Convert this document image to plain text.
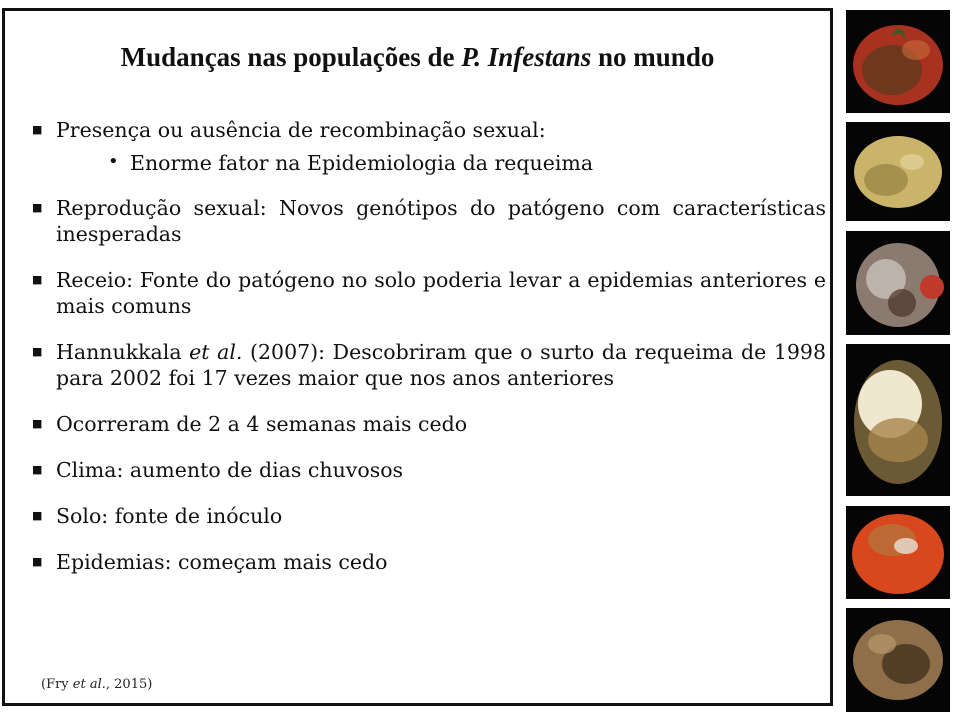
Mudanças nas populações de P. Infestans no mundo
■ Presença ou ausência de recombinação sexual:
• Enorme fator na Epidemiologia da requeima
■ Reprodução sexual: Novos genótipos do patógeno com características inesperadas
■ Receio: Fonte do patógeno no solo poderia levar a epidemias anteriores e mais comuns
■ Hannukkala et al. (2007): Descobriram que o surto da requeima de 1998 para 2002 foi 17 vezes maior que nos anos anteriores
■ Ocorreram de 2 a 4 semanas mais cedo
■ Clima: aumento de dias chuvosos
■ Solo: fonte de inóculo
■ Epidemias: começam mais cedo
(Fry et al., 2015)
